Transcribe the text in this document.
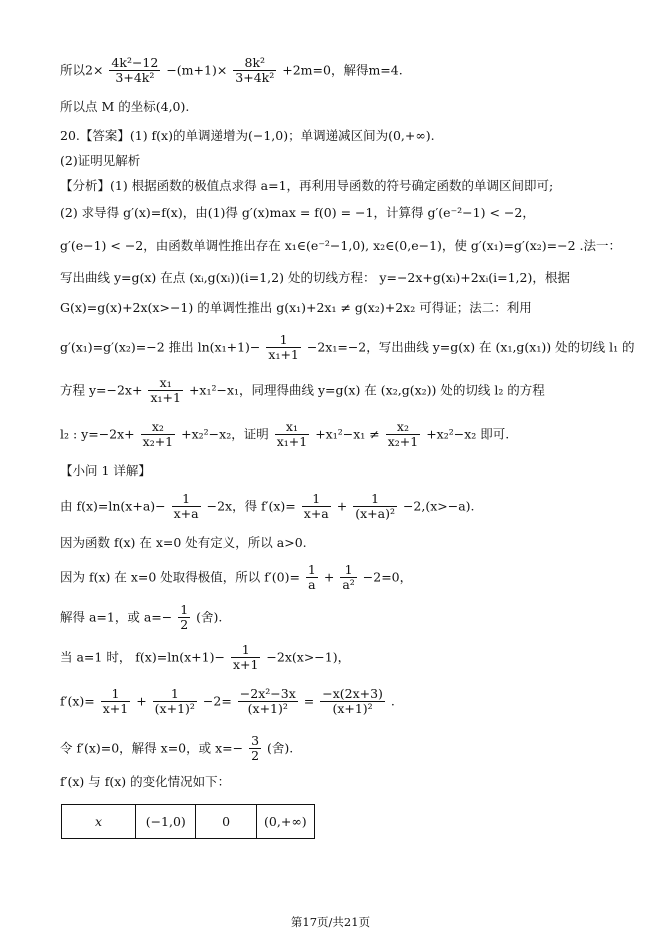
所以$2\times \frac{\text{4k²−12}}{\text{3+4k²}} -(m+1)\times \frac{\text{8k²}}{\text{3+4k²}} +2m=0$，解得m=4.
所以点 M 的坐标(4,0).
20.【答案】(1) f(x)的单调递增为(−1,0)；单调递减区间为(0,+∞).
(2)证明见解析
【分析】(1) 根据函数的极值点求得 a=1，再利用导函数的符号确定函数的单调区间即可;
(2) 求导得 g′(x)=f(x)，由(1)得 g′(x)max = f(0) = −1，计算得 g′(e⁻²−1) < −2，
g′(e−1) < −2，由函数单调性推出存在 x₁∈(e⁻²−1,0), x₂∈(0,e−1)，使 g′(x₁)=g′(x₂)=−2 .法一：
写出曲线 y=g(x) 在点 (xᵢ,g(xᵢ))(i=1,2) 处的切线方程： y=−2x+g(xᵢ)+2xᵢ(i=1,2)，根据
G(x)=g(x)+2x(x>−1) 的单调性推出 g(x₁)+2x₁ ≠ g(x₂)+2x₂ 可得证；法二：利用
g′(x₁)=g′(x₂)=−2 推出 $\ln(x_1+1)- \frac{1}{\text{x₁+1}} -2x_1=-2$，写出曲线 y=g(x) 在 (x₁,g(x₁)) 处的切线 l₁ 的
方程 $y=-2x+ \frac{\text{x₁}}{\text{x₁+1}} +x_1^2-x_1$，同理得曲线 y=g(x) 在 (x₂,g(x₂)) 处的切线 l₂ 的方程
l₂ : $y=-2x+ \frac{\text{x₂}}{\text{x₂+1}} +x_2^2-x_2$，证明 $\frac{\text{x₁}}{\text{x₁+1}} +x_1^2-x_1 \ne \frac{\text{x₂}}{\text{x₂+1}} +x_2^2-x_2$ 即可.
【小问 1 详解】
由 $f(x)=\ln(x+a)- \frac{1}{x+a} -2x$，得 $f'(x)= \frac{1}{x+a} + \frac{1}{\text{(x+a)²}} -2,(x>-a)$.
因为函数 f(x) 在 x=0 处有定义，所以 a>0.
因为 f(x) 在 x=0 处取得极值，所以 $f'(0)= \frac{1}{a} + \frac{1}{\text{a²}} -2=0$，
解得 a=1，或 $a=- \frac{1}{2}$ (舍).
当 a=1 时， $f(x)=\ln(x+1)- \frac{1}{x+1} -2x(x>-1)$，
$f'(x)= \frac{1}{x+1} + \frac{1}{\text{(x+1)²}} -2= \frac{\text{−2x²−3x}}{\text{(x+1)²}} = \frac{-x(2x+3)}{\text{(x+1)²}}$ .
令 f′(x)=0，解得 x=0，或 $x=- \frac{3}{2}$ (舍).
f′(x) 与 f(x) 的变化情况如下：
x	(−1,0)	0	(0,+∞)
第17页/共21页
